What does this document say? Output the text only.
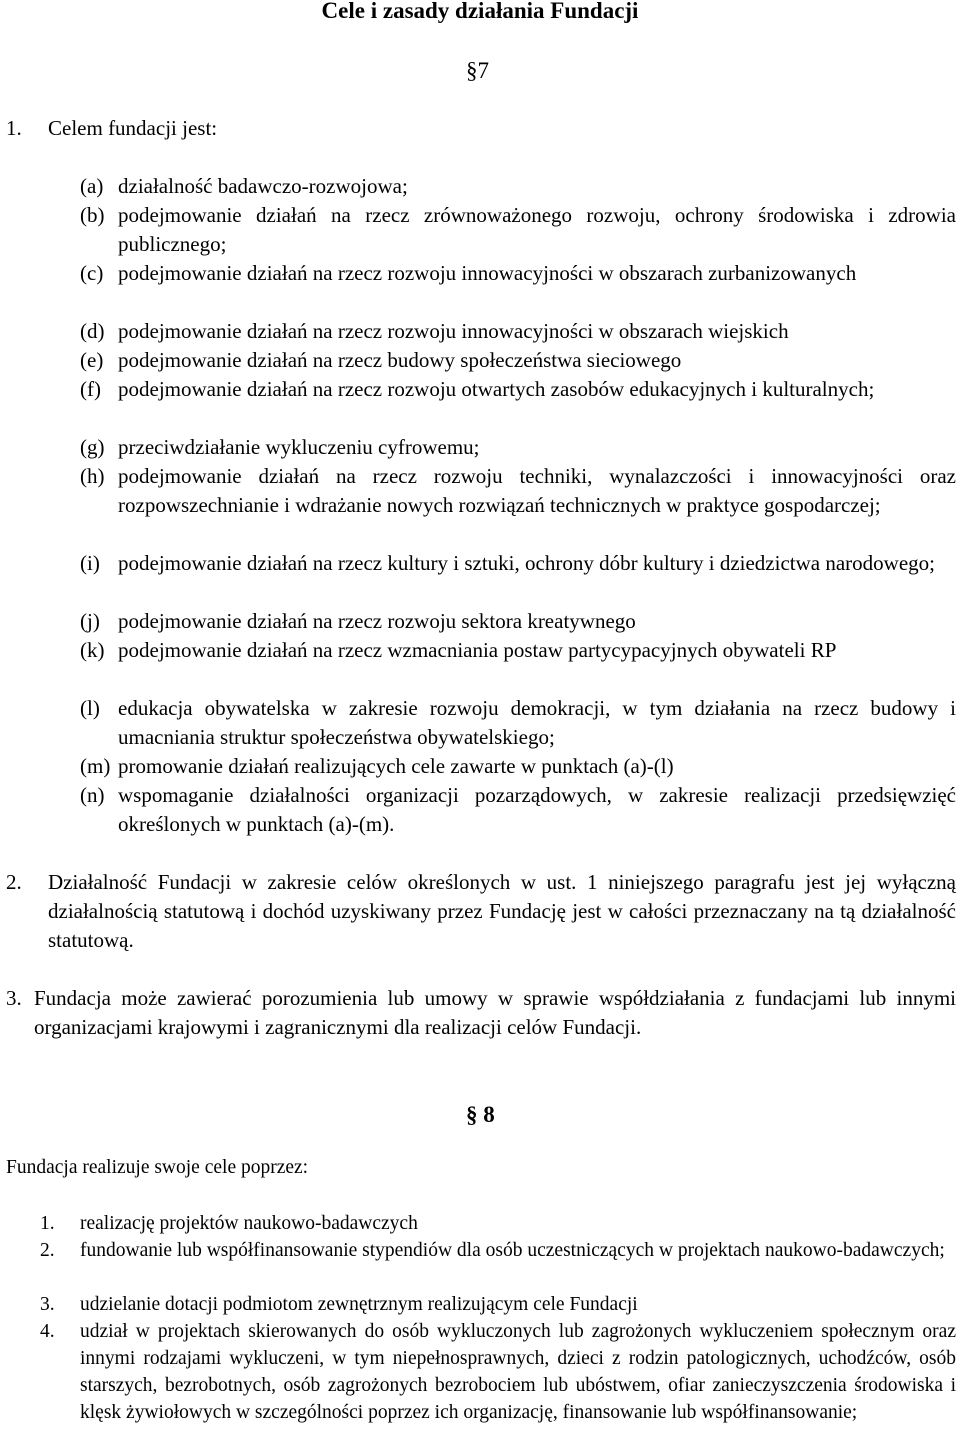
Cele i zasady działania Fundacji
§7
1. Celem fundacji jest:
(a) działalność badawczo-rozwojowa;
(b) podejmowanie działań na rzecz zrównoważonego rozwoju, ochrony środowiska i zdrowia publicznego;
(c) podejmowanie działań na rzecz rozwoju innowacyjności w obszarach zurbanizowanych
(d) podejmowanie działań na rzecz rozwoju innowacyjności w obszarach wiejskich
(e) podejmowanie działań na rzecz budowy społeczeństwa sieciowego
(f) podejmowanie działań na rzecz rozwoju otwartych zasobów edukacyjnych i kulturalnych;
(g) przeciwdziałanie wykluczeniu cyfrowemu;
(h) podejmowanie działań na rzecz rozwoju techniki, wynalazczości i innowacyjności oraz rozpowszechnianie i wdrażanie nowych rozwiązań technicznych w praktyce gospodarczej;
(i) podejmowanie działań na rzecz kultury i sztuki, ochrony dóbr kultury i dziedzictwa narodowego;
(j) podejmowanie działań na rzecz rozwoju sektora kreatywnego
(k) podejmowanie działań na rzecz wzmacniania postaw partycypacyjnych obywateli RP
(l) edukacja obywatelska w zakresie rozwoju demokracji, w tym działania na rzecz budowy i umacniania struktur społeczeństwa obywatelskiego;
(m) promowanie działań realizujących cele zawarte w punktach (a)-(l)
(n) wspomaganie działalności organizacji pozarządowych, w zakresie realizacji przedsięwzięć określonych w punktach (a)-(m).
2. Działalność Fundacji w zakresie celów określonych w ust. 1 niniejszego paragrafu jest jej wyłączną działalnością statutową i dochód uzyskiwany przez Fundację jest w całości przeznaczany na tą działalność statutową.
3. Fundacja może zawierać porozumienia lub umowy w sprawie współdziałania z fundacjami lub innymi organizacjami krajowymi i zagranicznymi dla realizacji celów Fundacji.
§ 8
Fundacja realizuje swoje cele poprzez:
1. realizację projektów naukowo-badawczych
2. fundowanie lub współfinansowanie stypendiów dla osób uczestniczących w projektach naukowo-badawczych;
3. udzielanie dotacji podmiotom zewnętrznym realizującym cele Fundacji
4. udział w projektach skierowanych do osób wykluczonych lub zagrożonych wykluczeniem społecznym oraz innymi rodzajami wykluczeni, w tym niepełnosprawnych, dzieci z rodzin patologicznych, uchodźców, osób starszych, bezrobotnych, osób zagrożonych bezrobociem lub ubóstwem, ofiar zanieczyszczenia środowiska i klęsk żywiołowych w szczególności poprzez ich organizację, finansowanie lub współfinansowanie;
